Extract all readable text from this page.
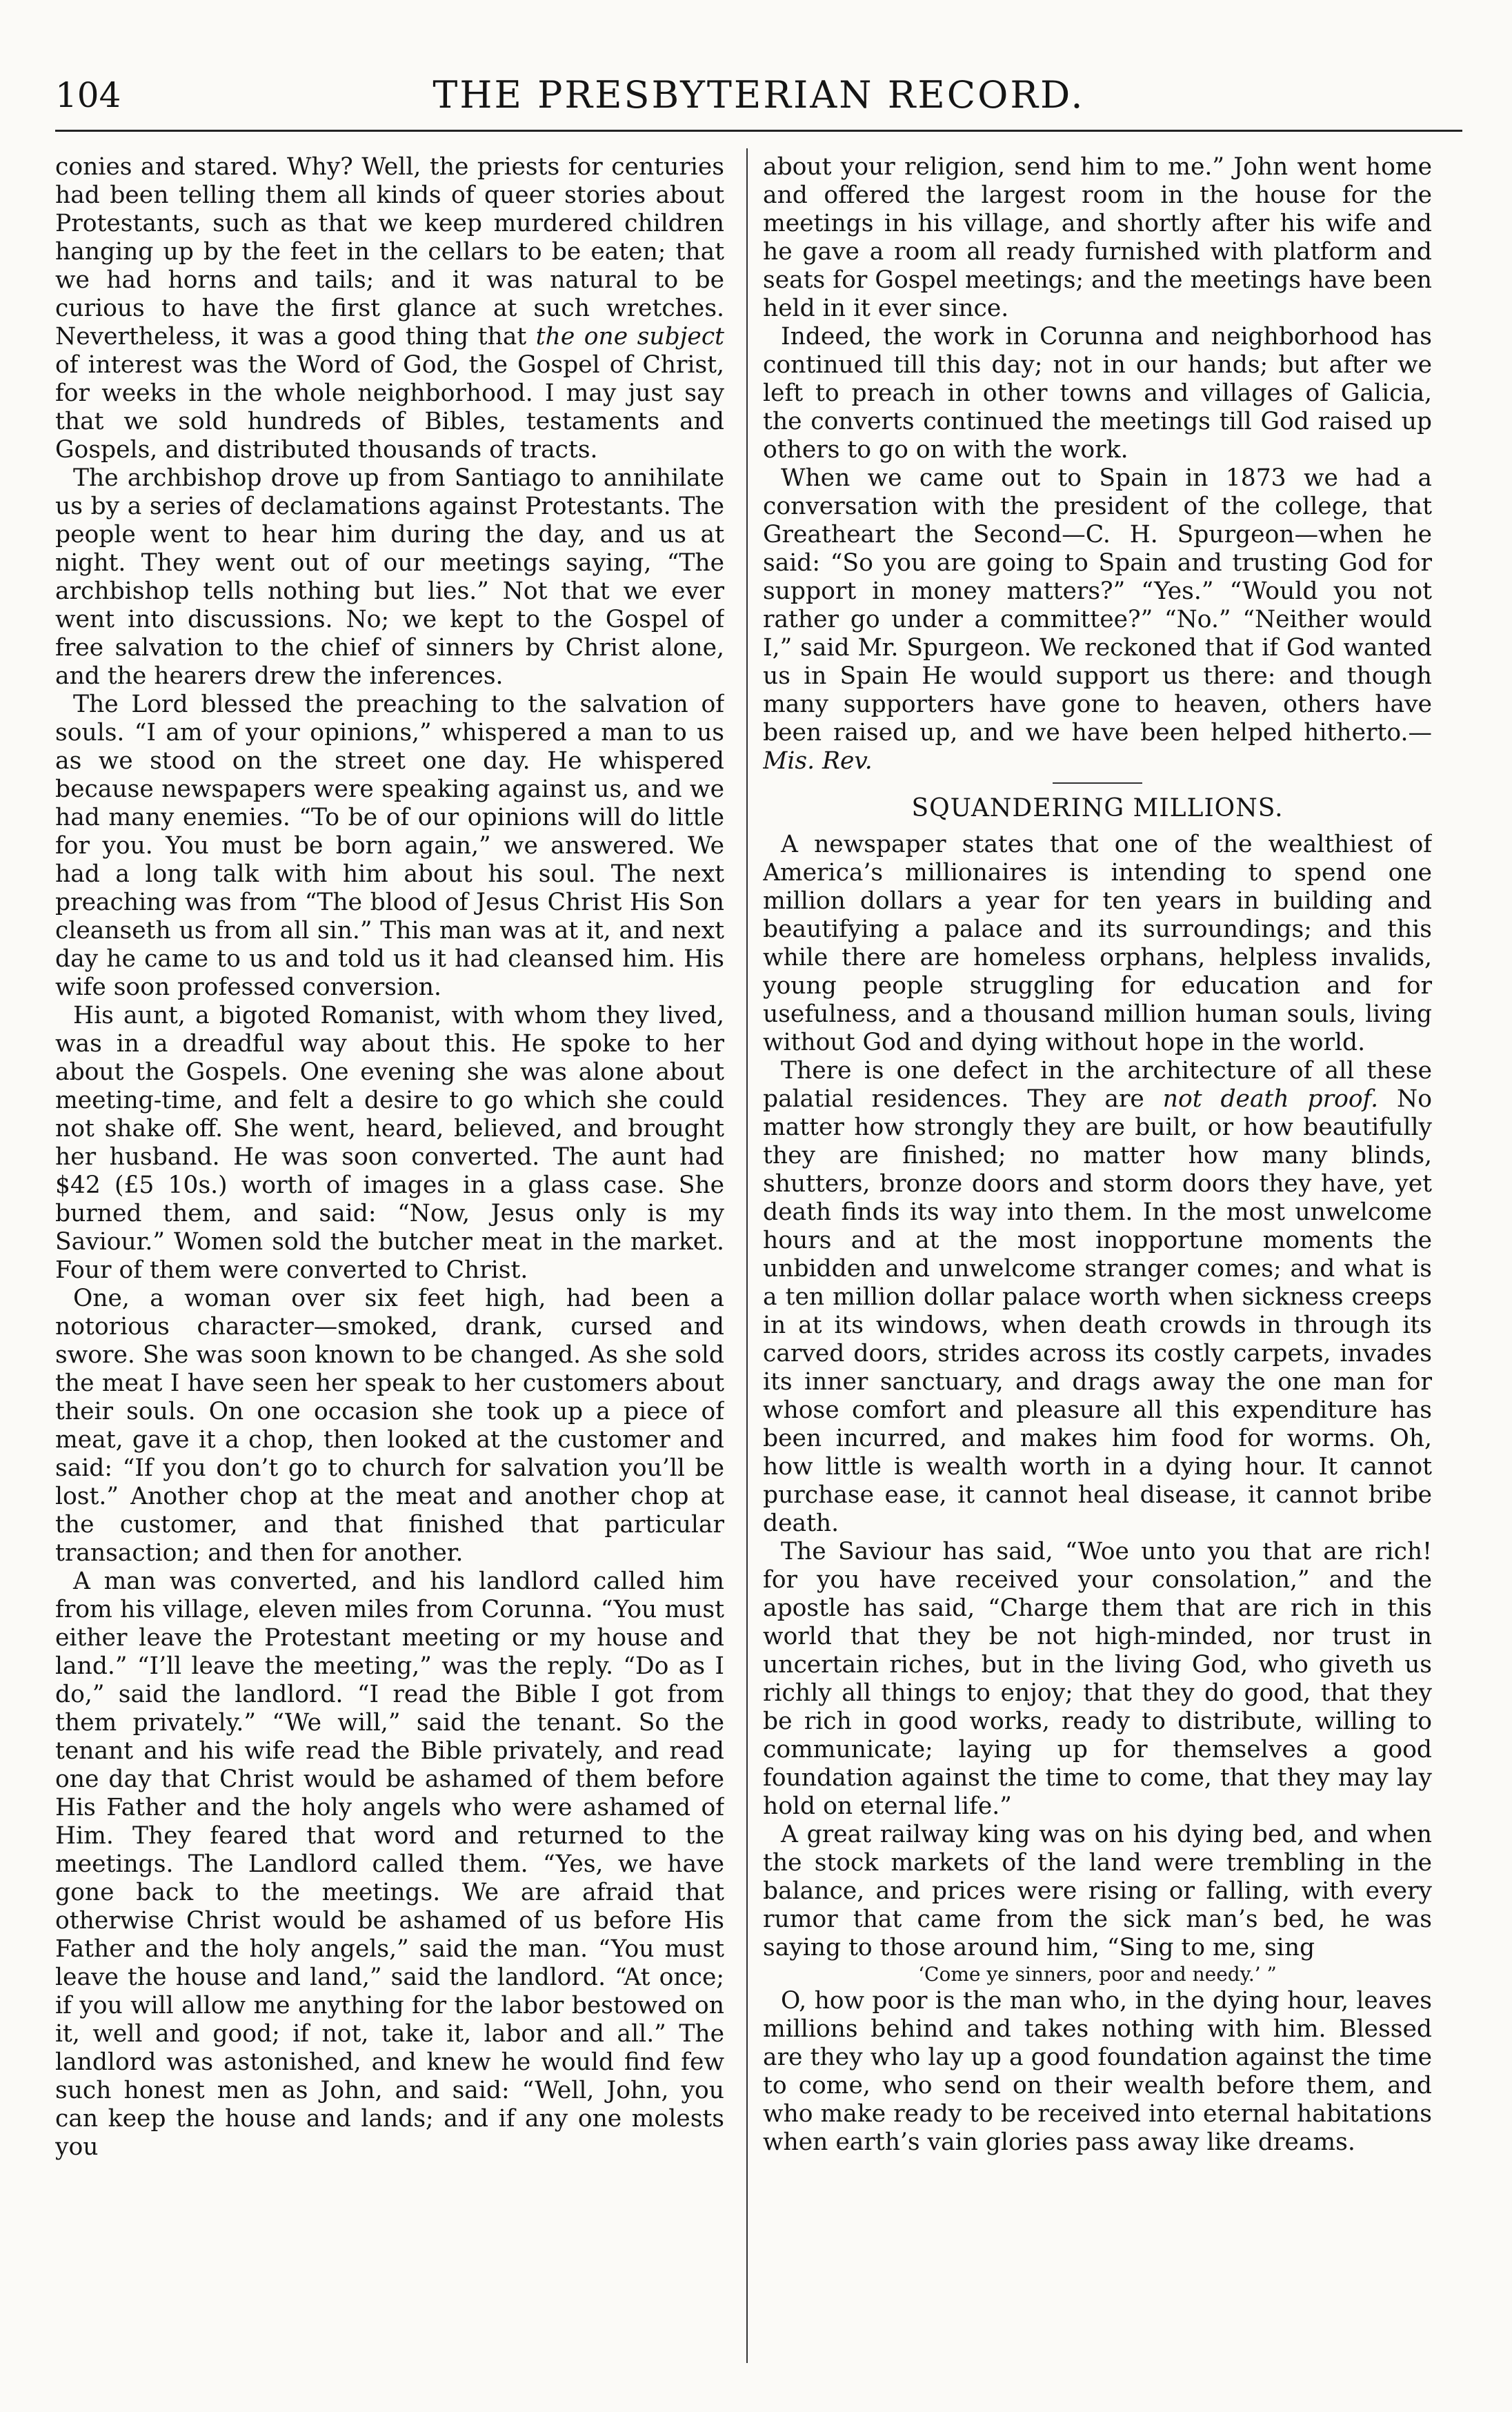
104	THE PRESBYTERIAN RECORD.

conies and stared. Why? Well, the priests for centuries had been telling them all kinds of queer stories about Protestants, such as that we keep murdered children hanging up by the feet in the cellars to be eaten; that we had horns and tails; and it was natural to be curious to have the first glance at such wretches. Nevertheless, it was a good thing that the one subject of interest was the Word of God, the Gospel of Christ, for weeks in the whole neighborhood. I may just say that we sold hundreds of Bibles, testaments and Gospels, and distributed thousands of tracts.

The archbishop drove up from Santiago to annihilate us by a series of declamations against Protestants. The people went to hear him during the day, and us at night. They went out of our meetings saying, “The archbishop tells nothing but lies.” Not that we ever went into discussions. No; we kept to the Gospel of free salvation to the chief of sinners by Christ alone, and the hearers drew the inferences.

The Lord blessed the preaching to the salvation of souls. “I am of your opinions,” whispered a man to us as we stood on the street one day. He whispered because newspapers were speaking against us, and we had many enemies. “To be of our opinions will do little for you. You must be born again,” we answered. We had a long talk with him about his soul. The next preaching was from “The blood of Jesus Christ His Son cleanseth us from all sin.” This man was at it, and next day he came to us and told us it had cleansed him. His wife soon professed conversion.

His aunt, a bigoted Romanist, with whom they lived, was in a dreadful way about this. He spoke to her about the Gospels. One evening she was alone about meeting-time, and felt a desire to go which she could not shake off. She went, heard, believed, and brought her husband. He was soon converted. The aunt had $42 (£5 10s.) worth of images in a glass case. She burned them, and said: “Now, Jesus only is my Saviour.” Women sold the butcher meat in the market. Four of them were converted to Christ.

One, a woman over six feet high, had been a notorious character—smoked, drank, cursed and swore. She was soon known to be changed. As she sold the meat I have seen her speak to her customers about their souls. On one occasion she took up a piece of meat, gave it a chop, then looked at the customer and said: “If you don’t go to church for salvation you’ll be lost.” Another chop at the meat and another chop at the customer, and that finished that particular transaction; and then for another.

A man was converted, and his landlord called him from his village, eleven miles from Corunna. “You must either leave the Protestant meeting or my house and land.” “I’ll leave the meeting,” was the reply. “Do as I do,” said the landlord. “I read the Bible I got from them privately.” “We will,” said the tenant. So the tenant and his wife read the Bible privately, and read one day that Christ would be ashamed of them before His Father and the holy angels who were ashamed of Him. They feared that word and returned to the meetings. The Landlord called them. “Yes, we have gone back to the meetings. We are afraid that otherwise Christ would be ashamed of us before His Father and the holy angels,” said the man. “You must leave the house and land,” said the landlord. “At once; if you will allow me anything for the labor bestowed on it, well and good; if not, take it, labor and all.” The landlord was astonished, and knew he would find few such honest men as John, and said: “Well, John, you can keep the house and lands; and if any one molests you

about your religion, send him to me.” John went home and offered the largest room in the house for the meetings in his village, and shortly after his wife and he gave a room all ready furnished with platform and seats for Gospel meetings; and the meetings have been held in it ever since.

Indeed, the work in Corunna and neighborhood has continued till this day; not in our hands; but after we left to preach in other towns and villages of Galicia, the converts continued the meetings till God raised up others to go on with the work.

When we came out to Spain in 1873 we had a conversation with the president of the college, that Greatheart the Second—C. H. Spurgeon—when he said: “So you are going to Spain and trusting God for support in money matters?” “Yes.” “Would you not rather go under a committee?” “No.” “Neither would I,” said Mr. Spurgeon. We reckoned that if God wanted us in Spain He would support us there: and though many supporters have gone to heaven, others have been raised up, and we have been helped hitherto.—Mis. Rev.

SQUANDERING MILLIONS.

A newspaper states that one of the wealthiest of America’s millionaires is intending to spend one million dollars a year for ten years in building and beautifying a palace and its surroundings; and this while there are homeless orphans, helpless invalids, young people struggling for education and for usefulness, and a thousand million human souls, living without God and dying without hope in the world.

There is one defect in the architecture of all these palatial residences. They are not death proof. No matter how strongly they are built, or how beautifully they are finished; no matter how many blinds, shutters, bronze doors and storm doors they have, yet death finds its way into them. In the most unwelcome hours and at the most inopportune moments the unbidden and unwelcome stranger comes; and what is a ten million dollar palace worth when sickness creeps in at its windows, when death crowds in through its carved doors, strides across its costly carpets, invades its inner sanctuary, and drags away the one man for whose comfort and pleasure all this expenditure has been incurred, and makes him food for worms. Oh, how little is wealth worth in a dying hour. It cannot purchase ease, it cannot heal disease, it cannot bribe death.

The Saviour has said, “Woe unto you that are rich! for you have received your consolation,” and the apostle has said, “Charge them that are rich in this world that they be not high-minded, nor trust in uncertain riches, but in the living God, who giveth us richly all things to enjoy; that they do good, that they be rich in good works, ready to distribute, willing to communicate; laying up for themselves a good foundation against the time to come, that they may lay hold on eternal life.”

A great railway king was on his dying bed, and when the stock markets of the land were trembling in the balance, and prices were rising or falling, with every rumor that came from the sick man’s bed, he was saying to those around him, “Sing to me, sing

‘Come ye sinners, poor and needy.’ ”

O, how poor is the man who, in the dying hour, leaves millions behind and takes nothing with him. Blessed are they who lay up a good foundation against the time to come, who send on their wealth before them, and who make ready to be received into eternal habitations when earth’s vain glories pass away like dreams.
